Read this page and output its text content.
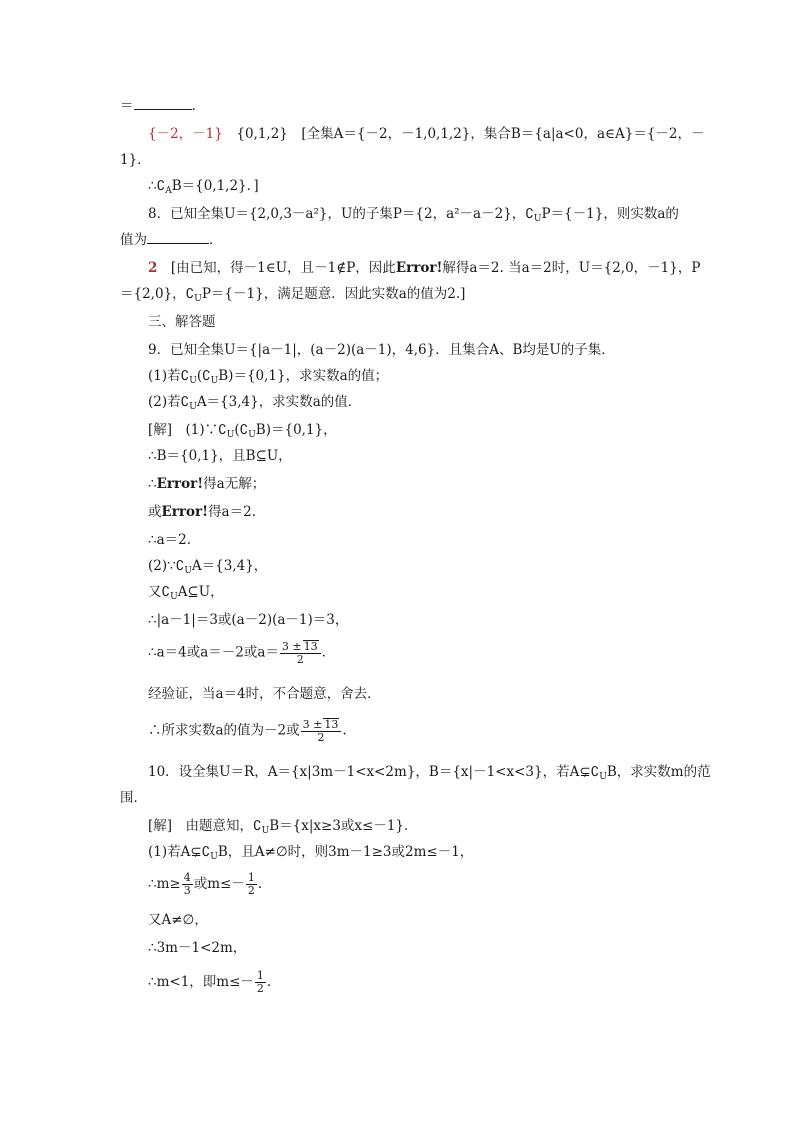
＝	.
{－2，－1}　 {0,1,2}　[全集A＝{－2，－1,0,1,2}，集合B＝{a|a<0，a∈A}＝{－2，－
1}．
$\therefore∁_AB=\{0,1,2\}$．]
8．已知全集U＝{2,0,3－a²}，U的子集P＝{2，a²－a－2}，$∁_UP=\{-1\}$，则实数a的
值为	．
2　 [由已知，得－1∈U，且－1∉P，因此Error!解得a＝2. 当a＝2时，U＝{2,0，－1}，P
＝{2,0}，$∁_UP=\{-1\}$，满足题意．因此实数a的值为2.]
三、解答题
9．已知全集U＝{|a－1|，(a－2)(a－1)，4,6}．且集合A、B均是U的子集．
(1)若$∁_U(∁_UB)=\{0,1\}$，求实数a的值；
(2)若$∁_UA=\{3,4\}$，求实数a的值．
[解]　$(1)\because∁_U(∁_UB)=\{0,1\}$，
∴B＝{0,1}，且B⊆U，
∴Error!得a无解；
或Error!得a＝2.
∴a＝2.
$(2)\because∁_UA=\{3,4\}$，
又$∁_UA⊆U$，
∴|a－1|＝3或(a－2)(a－1)＝3，
∴a＝4或a＝－2或$a= \frac{3 \pm 13}{2}$ .
经验证，当a＝4时，不合题意，舍去．
∴所求实数a的值为－2或 $\frac{3 \pm 13}{2}$ .
10．设全集U＝R，A＝{x|3m－1<x<2m}，B＝{x|－1<x<3}，若$A⊊∁_UB$，求实数m的范
围．
[解]　由题意知，$∁_UB=\{x|x\ge 3$或x≤－1}．
(1)若$A⊊∁_UB$，且A≠∅时，则3m－1≥3或2m≤－1，
∴m≥ $\frac{4}{3}$ 或$m\le- \frac{1}{2}$ .
又A≠∅，
∴3m－1<2m，
∴m<1，即$m\le- \frac{1}{2}$ .
